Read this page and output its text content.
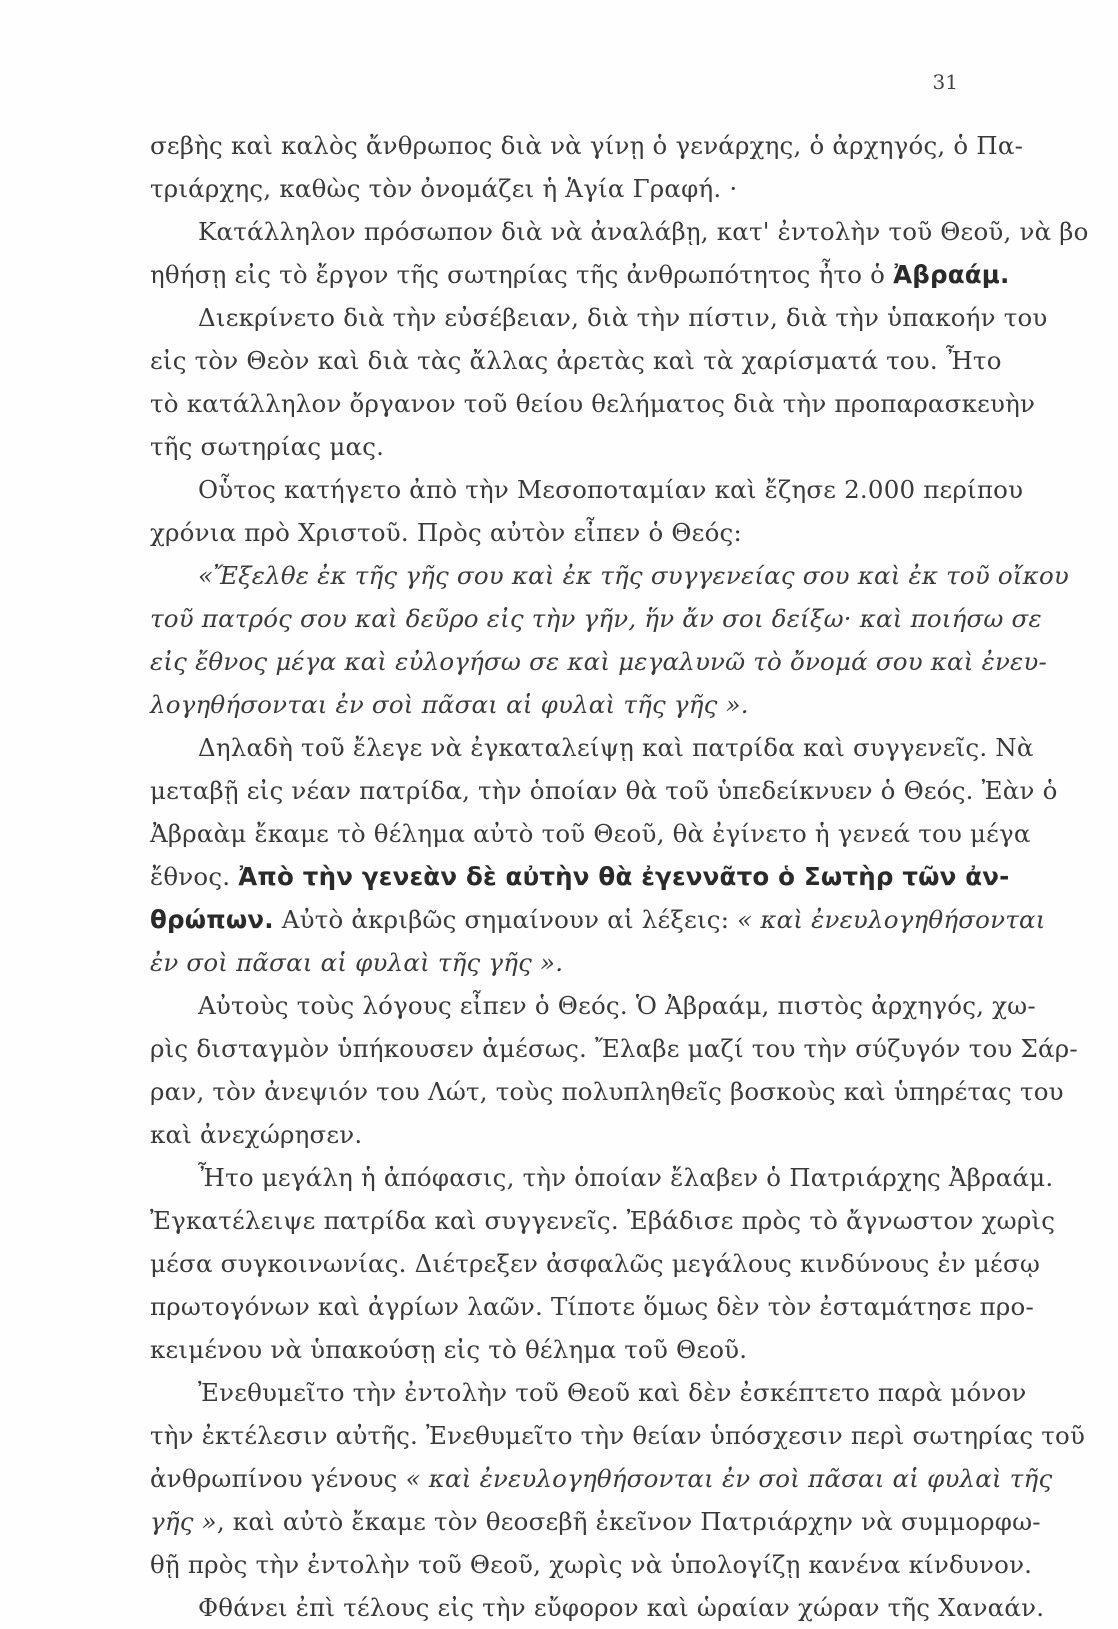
31
σεβὴς καὶ καλὸς ἄνθρωπος διὰ νὰ γίνῃ ὁ γενάρχης, ὁ ἀρχηγός, ὁ Πα-
τριάρχης, καθὼς τὸν ὀνομάζει ἡ Ἁγία Γραφή. ·
Κατάλληλον πρόσωπον διὰ νὰ ἀναλάβῃ, κατ' ἐντολὴν τοῦ Θεοῦ, νὰ βο
ηθήσῃ εἰς τὸ ἔργον τῆς σωτηρίας τῆς ἀνθρωπότητος ἦτο ὁ Ἀβραάμ.
Διεκρίνετο διὰ τὴν εὐσέβειαν, διὰ τὴν πίστιν, διὰ τὴν ὑπακοήν του
εἰς τὸν Θεὸν καὶ διὰ τὰς ἄλλας ἀρετὰς καὶ τὰ χαρίσματά του. Ἦτο
τὸ κατάλληλον ὄργανον τοῦ θείου θελήματος διὰ τὴν προπαρασκευὴν
τῆς σωτηρίας μας.
Οὗτος κατήγετο ἀπὸ τὴν Μεσοποταμίαν καὶ ἔζησε 2.000 περίπου
χρόνια πρὸ Χριστοῦ. Πρὸς αὐτὸν εἶπεν ὁ Θεός:
«Ἔξελθε ἐκ τῆς γῆς σου καὶ ἐκ τῆς συγγενείας σου καὶ ἐκ τοῦ οἴκου
τοῦ πατρός σου καὶ δεῦρο εἰς τὴν γῆν, ἥν ἄν σοι δείξω· καὶ ποιήσω σε
εἰς ἔθνος μέγα καὶ εὐλογήσω σε καὶ μεγαλυνῶ τὸ ὄνομά σου καὶ ἐνευ-
λογηθήσονται ἐν σοὶ πᾶσαι αἱ φυλαὶ τῆς γῆς ».
Δηλαδὴ τοῦ ἔλεγε νὰ ἐγκαταλείψῃ καὶ πατρίδα καὶ συγγενεῖς. Νὰ
μεταβῇ εἰς νέαν πατρίδα, τὴν ὁποίαν θὰ τοῦ ὑπεδείκνυεν ὁ Θεός. Ἐὰν ὁ
Ἀβραὰμ ἔκαμε τὸ θέλημα αὐτὸ τοῦ Θεοῦ, θὰ ἐγίνετο ἡ γενεά του μέγα
ἔθνος. Ἀπὸ τὴν γενεὰν δὲ αὐτὴν θὰ ἐγεννᾶτο ὁ Σωτὴρ τῶν ἀν-
θρώπων. Αὐτὸ ἀκριβῶς σημαίνουν αἱ λέξεις: « καὶ ἐνευλογηθήσονται
ἐν σοὶ πᾶσαι αἱ φυλαὶ τῆς γῆς ».
Αὐτοὺς τοὺς λόγους εἶπεν ὁ Θεός. Ὁ Ἀβραάμ, πιστὸς ἀρχηγός, χω-
ρὶς δισταγμὸν ὑπήκουσεν ἀμέσως. Ἔλαβε μαζί του τὴν σύζυγόν του Σάρ-
ραν, τὸν ἀνεψιόν του Λώτ, τοὺς πολυπληθεῖς βοσκοὺς καὶ ὑπηρέτας του
καὶ ἀνεχώρησεν.
Ἦτο μεγάλη ἡ ἀπόφασις, τὴν ὁποίαν ἔλαβεν ὁ Πατριάρχης Ἀβραάμ.
Ἐγκατέλειψε πατρίδα καὶ συγγενεῖς. Ἐβάδισε πρὸς τὸ ἄγνωστον χωρὶς
μέσα συγκοινωνίας. Διέτρεξεν ἀσφαλῶς μεγάλους κινδύνους ἐν μέσῳ
πρωτογόνων καὶ ἀγρίων λαῶν. Τίποτε ὅμως δὲν τὸν ἐσταμάτησε προ-
κειμένου νὰ ὑπακούσῃ εἰς τὸ θέλημα τοῦ Θεοῦ.
Ἐνεθυμεῖτο τὴν ἐντολὴν τοῦ Θεοῦ καὶ δὲν ἐσκέπτετο παρὰ μόνον
τὴν ἐκτέλεσιν αὐτῆς. Ἐνεθυμεῖτο τὴν θείαν ὑπόσχεσιν περὶ σωτηρίας τοῦ
ἀνθρωπίνου γένους « καὶ ἐνευλογηθήσονται ἐν σοὶ πᾶσαι αἱ φυλαὶ τῆς
γῆς », καὶ αὐτὸ ἔκαμε τὸν θεοσεβῆ ἐκεῖνον Πατριάρχην νὰ συμμορφω-
θῇ πρὸς τὴν ἐντολὴν τοῦ Θεοῦ, χωρὶς νὰ ὑπολογίζῃ κανένα κίνδυνον.
Φθάνει ἐπὶ τέλους εἰς τὴν εὔφορον καὶ ὡραίαν χώραν τῆς Χαναάν.
